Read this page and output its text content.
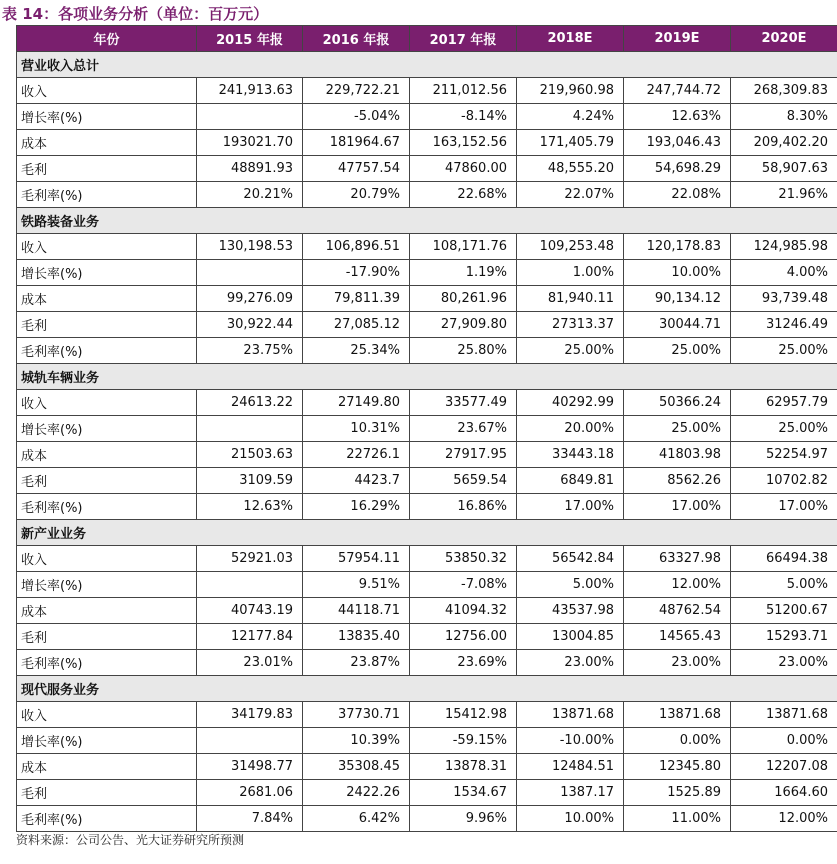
表 14：各项业务分析（单位：百万元）
年份	2015 年报	2016 年报	2017 年报	2018E	2019E	2020E
营业收入总计						
收入	241,913.63	229,722.21	211,012.56	219,960.98	247,744.72	268,309.83
增长率(%)		-5.04%	-8.14%	4.24%	12.63%	8.30%
成本	193021.70	181964.67	163,152.56	171,405.79	193,046.43	209,402.20
毛利	48891.93	47757.54	47860.00	48,555.20	54,698.29	58,907.63
毛利率(%)	20.21%	20.79%	22.68%	22.07%	22.08%	21.96%
铁路装备业务						
收入	130,198.53	106,896.51	108,171.76	109,253.48	120,178.83	124,985.98
增长率(%)		-17.90%	1.19%	1.00%	10.00%	4.00%
成本	99,276.09	79,811.39	80,261.96	81,940.11	90,134.12	93,739.48
毛利	30,922.44	27,085.12	27,909.80	27313.37	30044.71	31246.49
毛利率(%)	23.75%	25.34%	25.80%	25.00%	25.00%	25.00%
城轨车辆业务						
收入	24613.22	27149.80	33577.49	40292.99	50366.24	62957.79
增长率(%)		10.31%	23.67%	20.00%	25.00%	25.00%
成本	21503.63	22726.1	27917.95	33443.18	41803.98	52254.97
毛利	3109.59	4423.7	5659.54	6849.81	8562.26	10702.82
毛利率(%)	12.63%	16.29%	16.86%	17.00%	17.00%	17.00%
新产业业务						
收入	52921.03	57954.11	53850.32	56542.84	63327.98	66494.38
增长率(%)		9.51%	-7.08%	5.00%	12.00%	5.00%
成本	40743.19	44118.71	41094.32	43537.98	48762.54	51200.67
毛利	12177.84	13835.40	12756.00	13004.85	14565.43	15293.71
毛利率(%)	23.01%	23.87%	23.69%	23.00%	23.00%	23.00%
现代服务业务						
收入	34179.83	37730.71	15412.98	13871.68	13871.68	13871.68
增长率(%)		10.39%	-59.15%	-10.00%	0.00%	0.00%
成本	31498.77	35308.45	13878.31	12484.51	12345.80	12207.08
毛利	2681.06	2422.26	1534.67	1387.17	1525.89	1664.60
毛利率(%)	7.84%	6.42%	9.96%	10.00%	11.00%	12.00%
资料来源：公司公告、光大证券研究所预测
